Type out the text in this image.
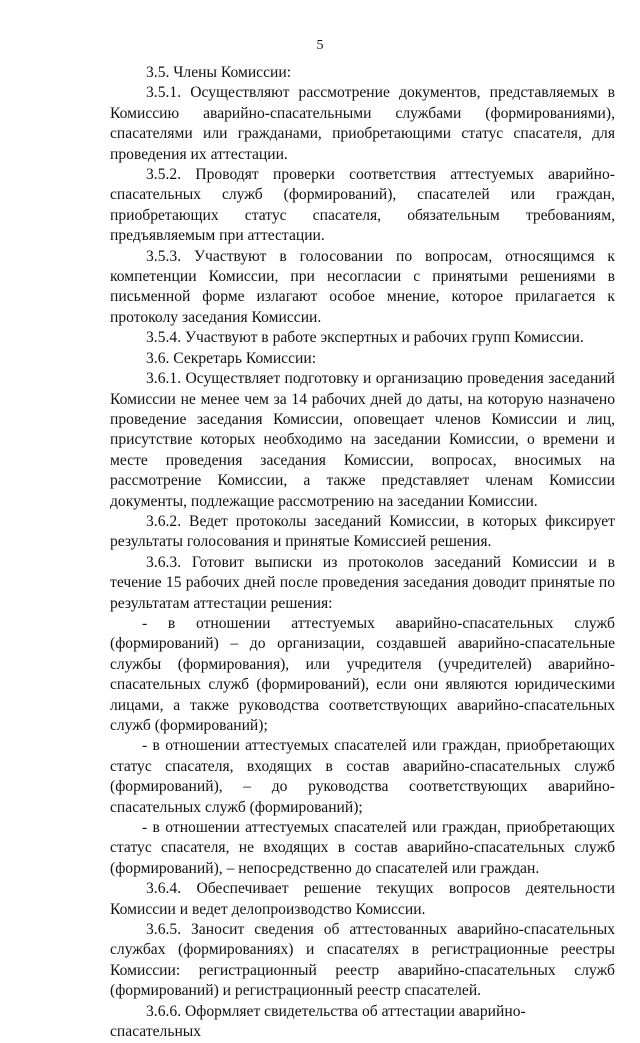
5

3.5. Члены Комиссии:

3.5.1. Осуществляют рассмотрение документов, представляемых в Комиссию аварийно-спасательными службами (формированиями), спасателями или гражданами, приобретающими статус спасателя, для проведения их аттестации.

3.5.2. Проводят проверки соответствия аттестуемых аварийно-спасательных служб (формирований), спасателей или граждан, приобретающих статус спасателя, обязательным требованиям, предъявляемым при аттестации.

3.5.3. Участвуют в голосовании по вопросам, относящимся к компетенции Комиссии, при несогласии с принятыми решениями в письменной форме излагают особое мнение, которое прилагается к протоколу заседания Комиссии.

3.5.4. Участвуют в работе экспертных и рабочих групп Комиссии.

3.6. Секретарь Комиссии:

3.6.1. Осуществляет подготовку и организацию проведения заседаний Комиссии не менее чем за 14 рабочих дней до даты, на которую назначено проведение заседания Комиссии, оповещает членов Комиссии и лиц, присутствие которых необходимо на заседании Комиссии, о времени и месте проведения заседания Комиссии, вопросах, вносимых на рассмотрение Комиссии, а также представляет членам Комиссии документы, подлежащие рассмотрению на заседании Комиссии.

3.6.2. Ведет протоколы заседаний Комиссии, в которых фиксирует результаты голосования и принятые Комиссией решения.

3.6.3. Готовит выписки из протоколов заседаний Комиссии и в течение 15 рабочих дней после проведения заседания доводит принятые по результатам аттестации решения:

- в отношении аттестуемых аварийно-спасательных служб (формирований) – до организации, создавшей аварийно-спасательные службы (формирования), или учредителя (учредителей) аварийно-спасательных служб (формирований), если они являются юридическими лицами, а также руководства соответствующих аварийно-спасательных служб (формирований);

- в отношении аттестуемых спасателей или граждан, приобретающих статус спасателя, входящих в состав аварийно-спасательных служб (формирований), – до руководства соответствующих аварийно-спасательных служб (формирований);

- в отношении аттестуемых спасателей или граждан, приобретающих статус спасателя, не входящих в состав аварийно-спасательных служб (формирований), – непосредственно до спасателей или граждан.

3.6.4. Обеспечивает решение текущих вопросов деятельности Комиссии и ведет делопроизводство Комиссии.

3.6.5. Заносит сведения об аттестованных аварийно-спасательных службах (формированиях) и спасателях в регистрационные реестры Комиссии: регистрационный реестр аварийно-спасательных служб (формирований) и регистрационный реестр спасателей.

3.6.6. Оформляет свидетельства об аттестации аварийно-спасательных
